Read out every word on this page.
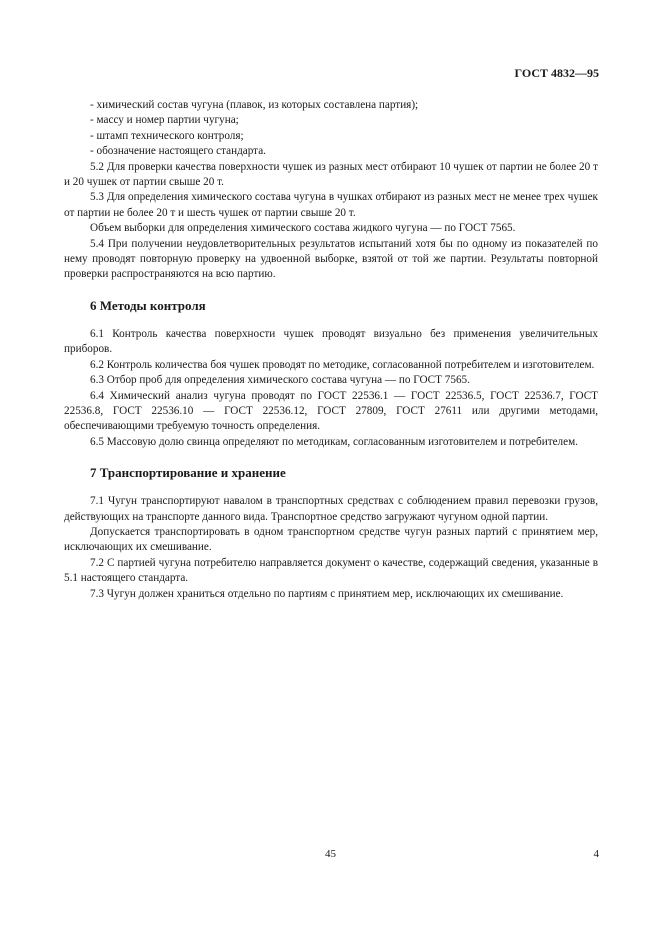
ГОСТ 4832—95

- химический состав чугуна (плавок, из которых составлена партия);

- массу и номер партии чугуна;

- штамп технического контроля;

- обозначение настоящего стандарта.

5.2 Для проверки качества поверхности чушек из разных мест отбирают 10 чушек от партии не более 20 т и 20 чушек от партии свыше 20 т.

5.3 Для определения химического состава чугуна в чушках отбирают из разных мест не менее трех чушек от партии не более 20 т и шесть чушек от партии свыше 20 т.

Объем выборки для определения химического состава жидкого чугуна — по ГОСТ 7565.

5.4 При получении неудовлетворительных результатов испытаний хотя бы по одному из показателей по нему проводят повторную проверку на удвоенной выборке, взятой от той же партии. Результаты повторной проверки распространяются на всю партию.

6 Методы контроля

6.1 Контроль качества поверхности чушек проводят визуально без применения увеличительных приборов.

6.2 Контроль количества боя чушек проводят по методике, согласованной потребителем и изготовителем.

6.3 Отбор проб для определения химического состава чугуна — по ГОСТ 7565.

6.4 Химический анализ чугуна проводят по ГОСТ 22536.1 — ГОСТ 22536.5, ГОСТ 22536.7, ГОСТ 22536.8, ГОСТ 22536.10 — ГОСТ 22536.12, ГОСТ 27809, ГОСТ 27611 или другими методами, обеспечивающими требуемую точность определения.

6.5 Массовую долю свинца определяют по методикам, согласованным изготовителем и потребителем.

7 Транспортирование и хранение

7.1 Чугун транспортируют навалом в транспортных средствах с соблюдением правил перевозки грузов, действующих на транспорте данного вида. Транспортное средство загружают чугуном одной партии.

Допускается транспортировать в одном транспортном средстве чугун разных партий с принятием мер, исключающих их смешивание.

7.2 С партией чугуна потребителю направляется документ о качестве, содержащий сведения, указанные в 5.1 настоящего стандарта.

7.3 Чугун должен храниться отдельно по партиям с принятием мер, исключающих их смешивание.

45	4
